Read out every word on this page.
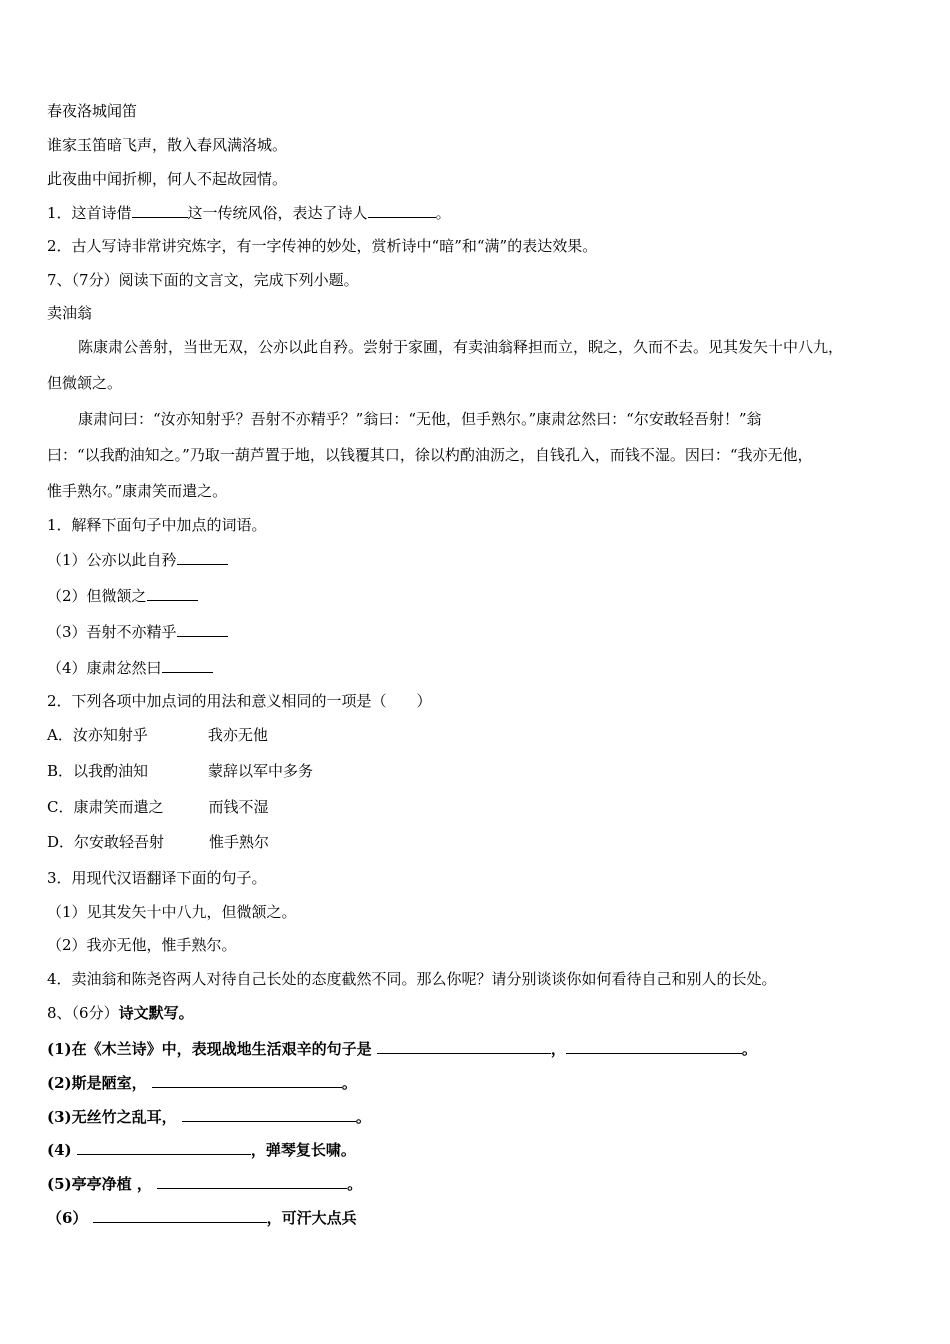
春夜洛城闻笛
谁家玉笛暗飞声，散入春风满洛城。
此夜曲中闻折柳，何人不起故园情。
1．这首诗借	这一传统风俗，表达了诗人	。
2．古人写诗非常讲究炼字，有一字传神的妙处，赏析诗中“暗”和“满”的表达效果。
7、（7分）阅读下面的文言文，完成下列小题。
卖油翁
陈康肃公善射，当世无双，公亦以此自矜。尝射于家圃，有卖油翁释担而立，睨之，久而不去。见其发矢十中八九，
但微颔之。
康肃问曰：“汝亦知射乎？吾射不亦精乎？”翁曰：“无他，但手熟尔。”康肃忿然曰：“尔安敢轻吾射！”翁
曰：“以我酌油知之。”乃取一葫芦置于地，以钱覆其口，徐以杓酌油沥之，自钱孔入，而钱不湿。因曰：“我亦无他，
惟手熟尔。”康肃笑而遣之。
1．解释下面句子中加点的词语。
（1）公亦以此自矜
（2）但微颔之
（3）吾射不亦精乎
（4）康肃忿然曰
2．下列各项中加点词的用法和意义相同的一项是（　　）
A．汝亦知射乎	我亦无他
B．以我酌油知	蒙辞以军中多务
C．康肃笑而遣之	而钱不湿
D．尔安敢轻吾射	惟手熟尔
3．用现代汉语翻译下面的句子。
（1）见其发矢十中八九，但微颔之。
（2）我亦无他，惟手熟尔。
4．卖油翁和陈尧咨两人对待自己长处的态度截然不同。那么你呢？请分别谈谈你如何看待自己和别人的长处。
8、（6分）诗文默写。
(1)在《木兰诗》中，表现战地生活艰辛的句子是	，	。
(2)斯是陋室，	。
(3)无丝竹之乱耳，	。
(4)	，弹琴复长啸。
(5)亭亭净植 ，	。
（6）	，可汗大点兵
